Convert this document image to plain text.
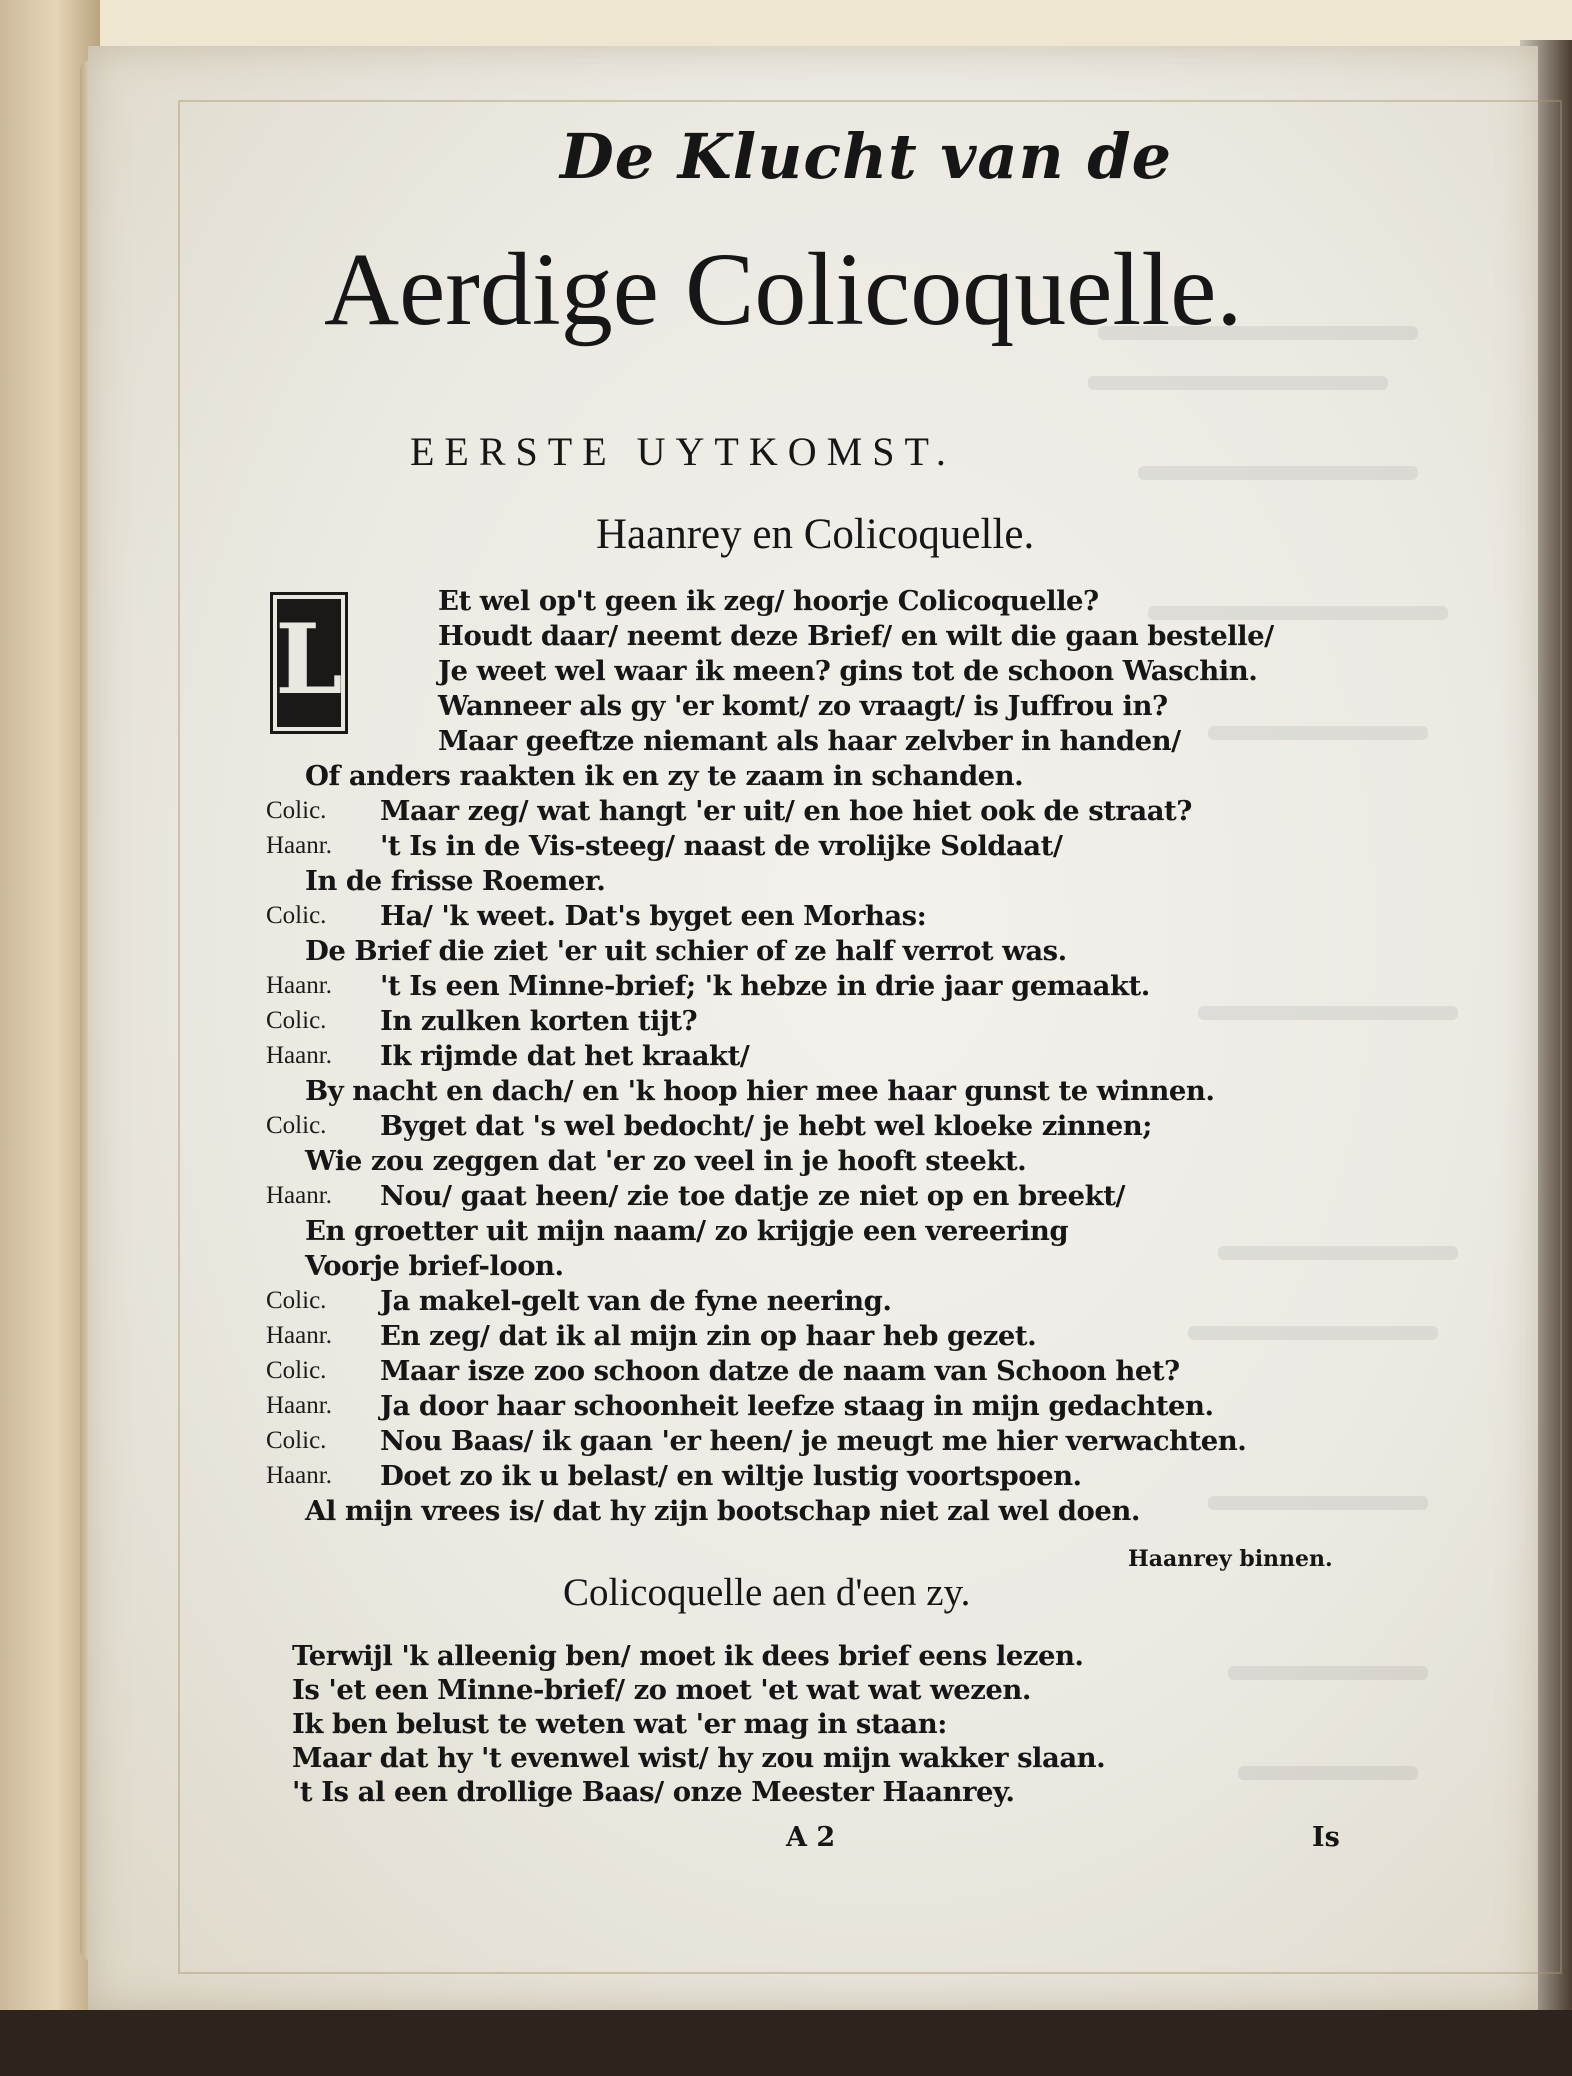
De Klucht van de
Aerdige Colicoquelle.
EERSTE UYTKOMST.
Haanrey en Colicoquelle.
L
Et wel op't geen ik zeg/ hoorje Colicoquelle?
Houdt daar/ neemt deze Brief/ en wilt die gaan bestelle/
Je weet wel waar ik meen? gins tot de schoon Waschin.
Wanneer als gy 'er komt/ zo vraagt/ is Juffrou in?
Maar geeftze niemant als haar zelvber in handen/
Of anders raakten ik en zy te zaam in schanden.
Colic. Maar zeg/ wat hangt 'er uit/ en hoe hiet ook de straat?
Haanr. 't Is in de Vis-steeg/ naast de vrolijke Soldaat/
In de frisse Roemer.
Colic. Ha/ 'k weet. Dat's byget een Morhas:
De Brief die ziet 'er uit schier of ze half verrot was.
Haanr. 't Is een Minne-brief; 'k hebze in drie jaar gemaakt.
Colic. In zulken korten tijt?
Haanr. Ik rijmde dat het kraakt/
By nacht en dach/ en 'k hoop hier mee haar gunst te winnen.
Colic. Byget dat 's wel bedocht/ je hebt wel kloeke zinnen;
Wie zou zeggen dat 'er zo veel in je hooft steekt.
Haanr. Nou/ gaat heen/ zie toe datje ze niet op en breekt/
En groetter uit mijn naam/ zo krijgje een vereering
Voorje brief-loon.
Colic. Ja makel-gelt van de fyne neering.
Haanr. En zeg/ dat ik al mijn zin op haar heb gezet.
Colic. Maar isze zoo schoon datze de naam van Schoon het?
Haanr. Ja door haar schoonheit leefze staag in mijn gedachten.
Colic. Nou Baas/ ik gaan 'er heen/ je meugt me hier verwachten.
Haanr. Doet zo ik u belast/ en wiltje lustig voortspoen.
Al mijn vrees is/ dat hy zijn bootschap niet zal wel doen.
Haanrey binnen.
Colicoquelle aen d'een zy.
Terwijl 'k alleenig ben/ moet ik dees brief eens lezen.
Is 'et een Minne-brief/ zo moet 'et wat wat wezen.
Ik ben belust te weten wat 'er mag in staan:
Maar dat hy 't evenwel wist/ hy zou mijn wakker slaan.
't Is al een drollige Baas/ onze Meester Haanrey.
A 2	Is
